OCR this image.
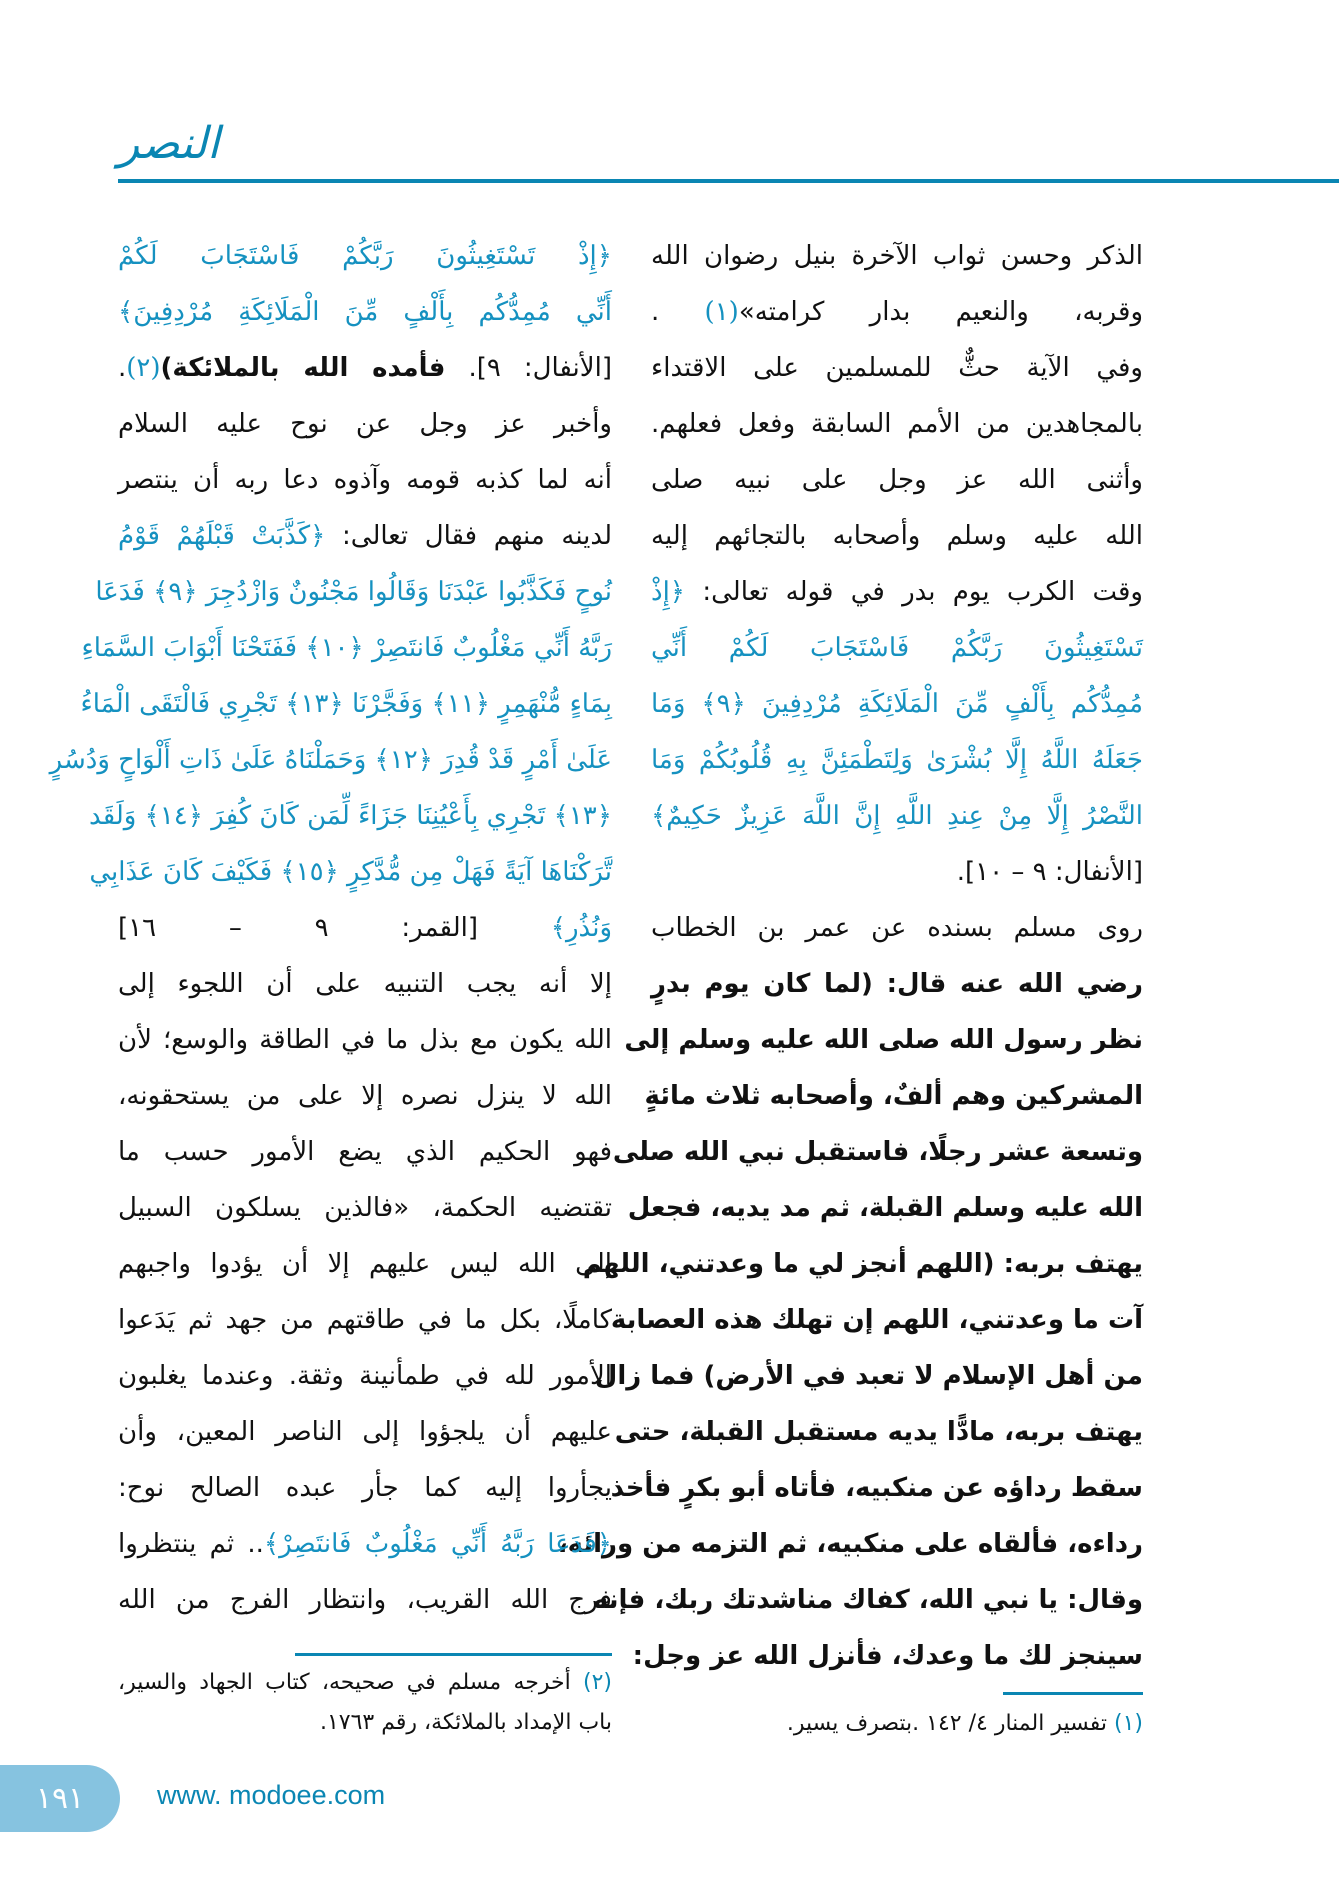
النصر
الذكر وحسن ثواب الآخرة بنيل رضوان الله
وقربه، والنعيم بدار كرامته»(١) .
وفي الآية حثٌّ للمسلمين على الاقتداء
بالمجاهدين من الأمم السابقة وفعل فعلهم.
وأثنى الله عز وجل على نبيه صلى
الله عليه وسلم وأصحابه بالتجائهم إليه
وقت الكرب يوم بدر في قوله تعالى: ﴿إِذْ
تَسْتَغِيثُونَ رَبَّكُمْ فَاسْتَجَابَ لَكُمْ أَنِّي
مُمِدُّكُم بِأَلْفٍ مِّنَ الْمَلَائِكَةِ مُرْدِفِينَ ﴿٩﴾ وَمَا
جَعَلَهُ اللَّهُ إِلَّا بُشْرَىٰ وَلِتَطْمَئِنَّ بِهِ قُلُوبُكُمْ وَمَا
النَّصْرُ إِلَّا مِنْ عِندِ اللَّهِ إِنَّ اللَّهَ عَزِيزٌ حَكِيمٌ﴾
[الأنفال: ٩ – ١٠].
روى مسلم بسنده عن عمر بن الخطاب
رضي الله عنه قال: (لما كان يوم بدرٍ
نظر رسول الله صلى الله عليه وسلم إلى
المشركين وهم ألفٌ، وأصحابه ثلاث مائةٍ
وتسعة عشر رجلًا، فاستقبل نبي الله صلى
الله عليه وسلم القبلة، ثم مد يديه، فجعل
يهتف بربه: (اللهم أنجز لي ما وعدتني، اللهم
آت ما وعدتني، اللهم إن تهلك هذه العصابة
من أهل الإسلام لا تعبد في الأرض) فما زال
يهتف بربه، مادًّا يديه مستقبل القبلة، حتى
سقط رداؤه عن منكبيه، فأتاه أبو بكرٍ فأخذ
رداءه، فألقاه على منكبيه، ثم التزمه من ورائه،
وقال: يا نبي الله، كفاك مناشدتك ربك، فإنه
سينجز لك ما وعدك، فأنزل الله عز وجل:
﴿إِذْ تَسْتَغِيثُونَ رَبَّكُمْ فَاسْتَجَابَ لَكُمْ
أَنِّي مُمِدُّكُم بِأَلْفٍ مِّنَ الْمَلَائِكَةِ مُرْدِفِينَ﴾
[الأنفال: ٩]. فأمده الله بالملائكة)(٢).
وأخبر عز وجل عن نوح عليه السلام
أنه لما كذبه قومه وآذوه دعا ربه أن ينتصر
لدينه منهم فقال تعالى: ﴿كَذَّبَتْ قَبْلَهُمْ قَوْمُ
نُوحٍ فَكَذَّبُوا عَبْدَنَا وَقَالُوا مَجْنُونٌ وَازْدُجِرَ ﴿٩﴾ فَدَعَا
رَبَّهُ أَنِّي مَغْلُوبٌ فَانتَصِرْ ﴿١٠﴾ فَفَتَحْنَا أَبْوَابَ السَّمَاءِ
بِمَاءٍ مُّنْهَمِرٍ ﴿١١﴾ وَفَجَّرْنَا ﴿١٣﴾ تَجْرِي فَالْتَقَى الْمَاءُ
عَلَىٰ أَمْرٍ قَدْ قُدِرَ ﴿١٢﴾ وَحَمَلْنَاهُ عَلَىٰ ذَاتِ أَلْوَاحٍ وَدُسُرٍ
﴿١٣﴾ تَجْرِي بِأَعْيُنِنَا جَزَاءً لِّمَن كَانَ كُفِرَ ﴿١٤﴾ وَلَقَد
تَّرَكْنَاهَا آيَةً فَهَلْ مِن مُّدَّكِرٍ ﴿١٥﴾ فَكَيْفَ كَانَ عَذَابِي
وَنُذُرِ﴾ [القمر: ٩ – ١٦]
إلا أنه يجب التنبيه على أن اللجوء إلى
الله يكون مع بذل ما في الطاقة والوسع؛ لأن
الله لا ينزل نصره إلا على من يستحقونه،
فهو الحكيم الذي يضع الأمور حسب ما
تقتضيه الحكمة، «فالذين يسلكون السبيل
إلى الله ليس عليهم إلا أن يؤدوا واجبهم
كاملًا، بكل ما في طاقتهم من جهد ثم يَدَعوا
الأمور لله في طمأنينة وثقة. وعندما يغلبون
عليهم أن يلجؤوا إلى الناصر المعين، وأن
يجأروا إليه كما جأر عبده الصالح نوح:
﴿فَدَعَا رَبَّهُ أَنِّي مَغْلُوبٌ فَانتَصِرْ﴾.. ثم ينتظروا
فرج الله القريب، وانتظار الفرج من الله
(٢) أخرجه مسلم في صحيحه، كتاب الجهاد والسير، باب الإمداد بالملائكة، رقم ١٧٦٣.	(١) تفسير المنار ٤/ ١٤٢ .بتصرف يسير.
١٩١	www. modoee.com
